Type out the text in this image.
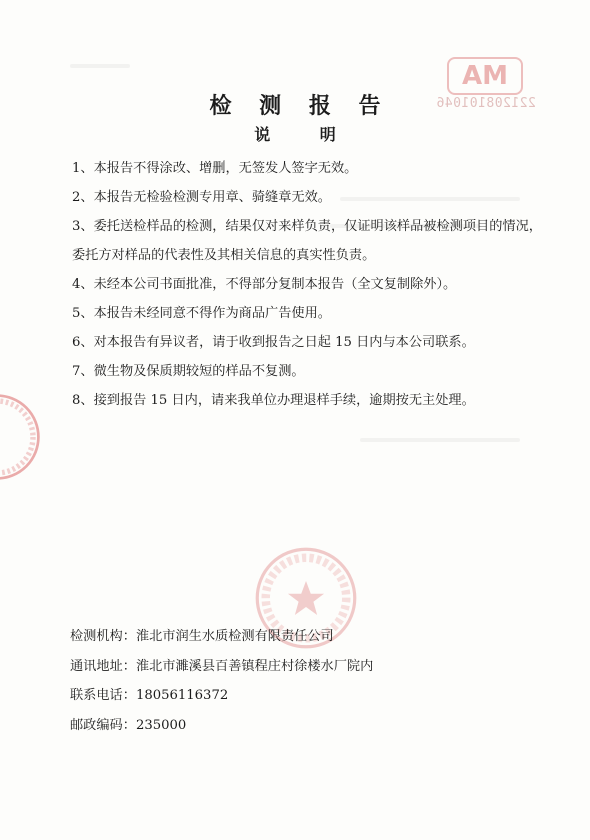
MA
221208101046
检 测 报 告
说 明

1、本报告不得涂改、增删，无签发人签字无效。

2、本报告无检验检测专用章、骑缝章无效。

3、委托送检样品的检测，结果仅对来样负责，仅证明该样品被检测项目的情况，委托方对样品的代表性及其相关信息的真实性负责。

4、未经本公司书面批准，不得部分复制本报告（全文复制除外）。

5、本报告未经同意不得作为商品广告使用。

6、对本报告有异议者，请于收到报告之日起 15 日内与本公司联系。

7、微生物及保质期较短的样品不复测。

8、接到报告 15 日内，请来我单位办理退样手续，逾期按无主处理。

检测机构：淮北市润生水质检测有限责任公司
通讯地址：淮北市濉溪县百善镇程庄村徐楼水厂院内
联系电话：18056116372
邮政编码：235000
